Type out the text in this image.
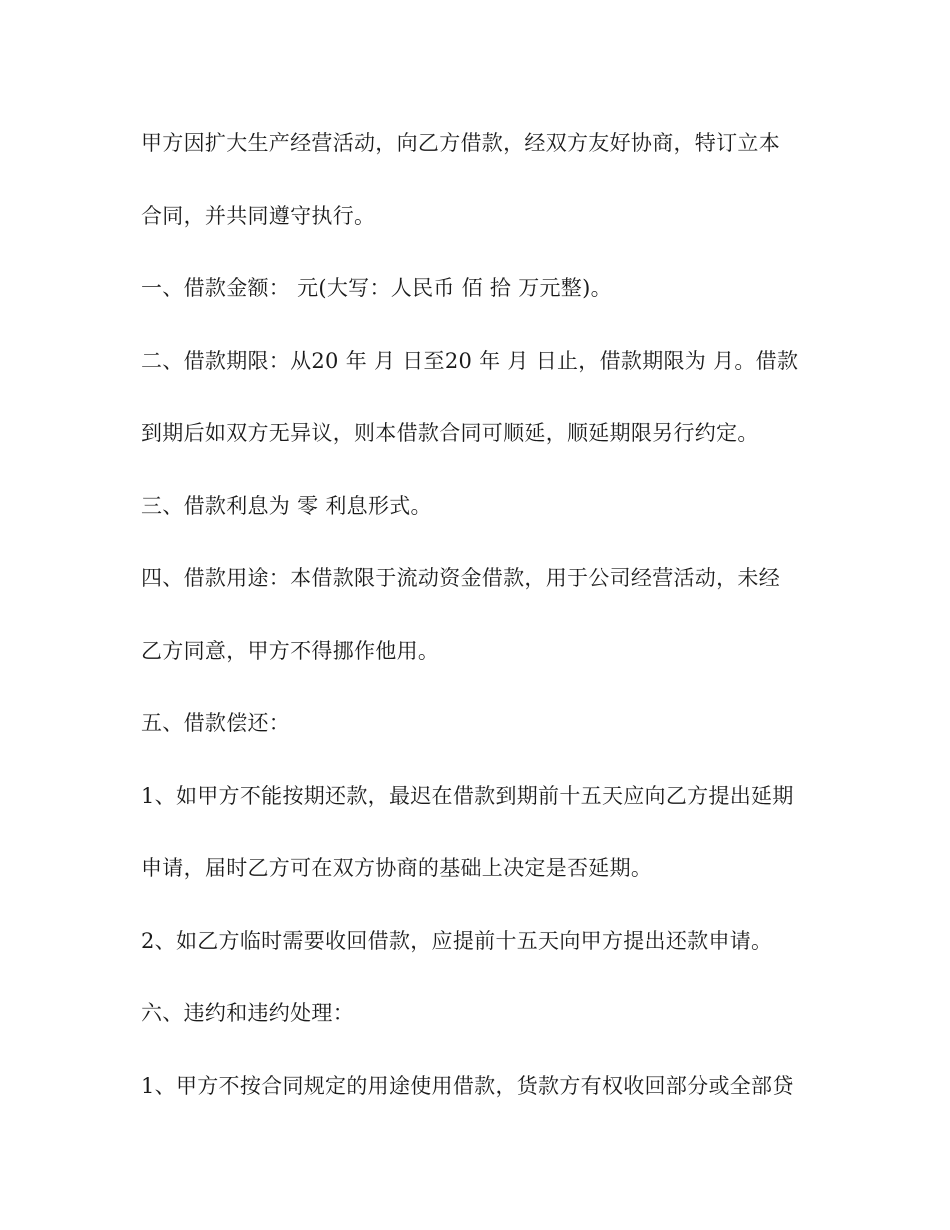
甲方因扩大生产经营活动，向乙方借款，经双方友好协商，特订立本

合同，并共同遵守执行。

一、借款金额： 元(大写：人民币 佰 拾 万元整)。

二、借款期限：从20 年 月 日至20 年 月 日止，借款期限为 月。借款

到期后如双方无异议，则本借款合同可顺延，顺延期限另行约定。

三、借款利息为 零 利息形式。

四、借款用途：本借款限于流动资金借款，用于公司经营活动，未经

乙方同意，甲方不得挪作他用。

五、借款偿还：

1、如甲方不能按期还款，最迟在借款到期前十五天应向乙方提出延期

申请，届时乙方可在双方协商的基础上决定是否延期。

2、如乙方临时需要收回借款，应提前十五天向甲方提出还款申请。

六、违约和违约处理：

1、甲方不按合同规定的用途使用借款，货款方有权收回部分或全部贷
